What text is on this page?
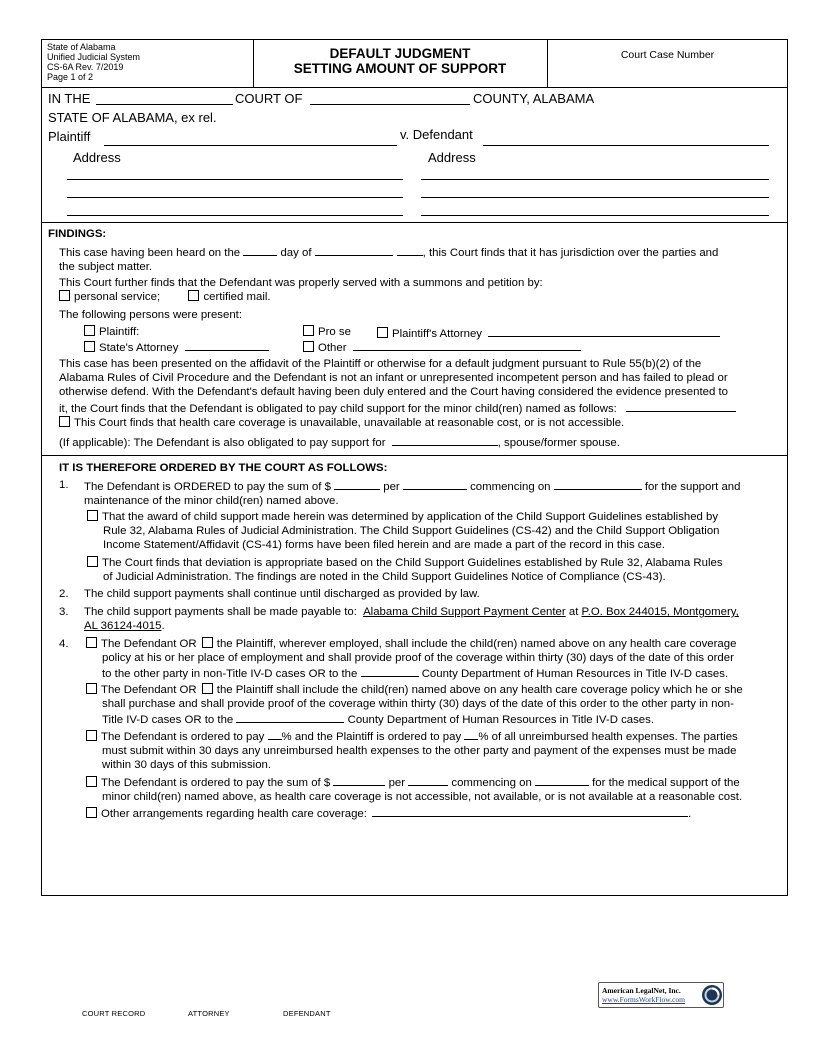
State of Alabama
Unified Judicial System
CS-6A Rev. 7/2019
Page 1 of 2
DEFAULT JUDGMENT
SETTING AMOUNT OF SUPPORT
Court Case Number
IN THE	COURT OF	COUNTY, ALABAMA
STATE OF ALABAMA, ex rel.
Plaintiff	v. Defendant
Address	Address
FINDINGS:
This case having been heard on the	day of	, this Court finds that it has jurisdiction over the parties and
the subject matter.
This Court further finds that the Defendant was properly served with a summons and petition by:
personal service;	certified mail.
The following persons were present:
Plaintiff:	Pro se	Plaintiff's Attorney
State's Attorney	Other
This case has been presented on the affidavit of the Plaintiff or otherwise for a default judgment pursuant to Rule 55(b)(2) of the
Alabama Rules of Civil Procedure and the Defendant is not an infant or unrepresented incompetent person and has failed to plead or
otherwise defend. With the Defendant's default having been duly entered and the Court having considered the evidence presented to
it, the Court finds that the Defendant is obligated to pay child support for the minor child(ren) named as follows:
This Court finds that health care coverage is unavailable, unavailable at reasonable cost, or is not accessible.
(If applicable): The Defendant is also obligated to pay support for	, spouse/former spouse.
IT IS THEREFORE ORDERED BY THE COURT AS FOLLOWS:
1. The Defendant is ORDERED to pay the sum of $	per	commencing on	for the support and
maintenance of the minor child(ren) named above.
That the award of child support made herein was determined by application of the Child Support Guidelines established by
Rule 32, Alabama Rules of Judicial Administration. The Child Support Guidelines (CS-42) and the Child Support Obligation
Income Statement/Affidavit (CS-41) forms have been filed herein and are made a part of the record in this case.
The Court finds that deviation is appropriate based on the Child Support Guidelines established by Rule 32, Alabama Rules
of Judicial Administration. The findings are noted in the Child Support Guidelines Notice of Compliance (CS-43).
2. The child support payments shall continue until discharged as provided by law.
3. The child support payments shall be made payable to: Alabama Child Support Payment Center at P.O. Box 244015, Montgomery,
AL 36124-4015.
4.	The Defendant OR the Plaintiff, wherever employed, shall include the child(ren) named above on any health care coverage
policy at his or her place of employment and shall provide proof of the coverage within thirty (30) days of the date of this order
to the other party in non-Title IV-D cases OR to the	County Department of Human Resources in Title IV-D cases.
The Defendant OR the Plaintiff shall include the child(ren) named above on any health care coverage policy which he or she
shall purchase and shall provide proof of the coverage within thirty (30) days of the date of this order to the other party in non-
Title IV-D cases OR to the	County Department of Human Resources in Title IV-D cases.
The Defendant is ordered to pay % and the Plaintiff is ordered to pay % of all unreimbursed health expenses. The parties
must submit within 30 days any unreimbursed health expenses to the other party and payment of the expenses must be made
within 30 days of this submission.
The Defendant is ordered to pay the sum of $	per	commencing on	for the medical support of the
minor child(ren) named above, as health care coverage is not accessible, not available, or is not available at a reasonable cost.
Other arrangements regarding health care coverage:	.
American LegalNet, Inc.
www.FormsWorkFlow.com
COURT RECORD	ATTORNEY	DEFENDANT
